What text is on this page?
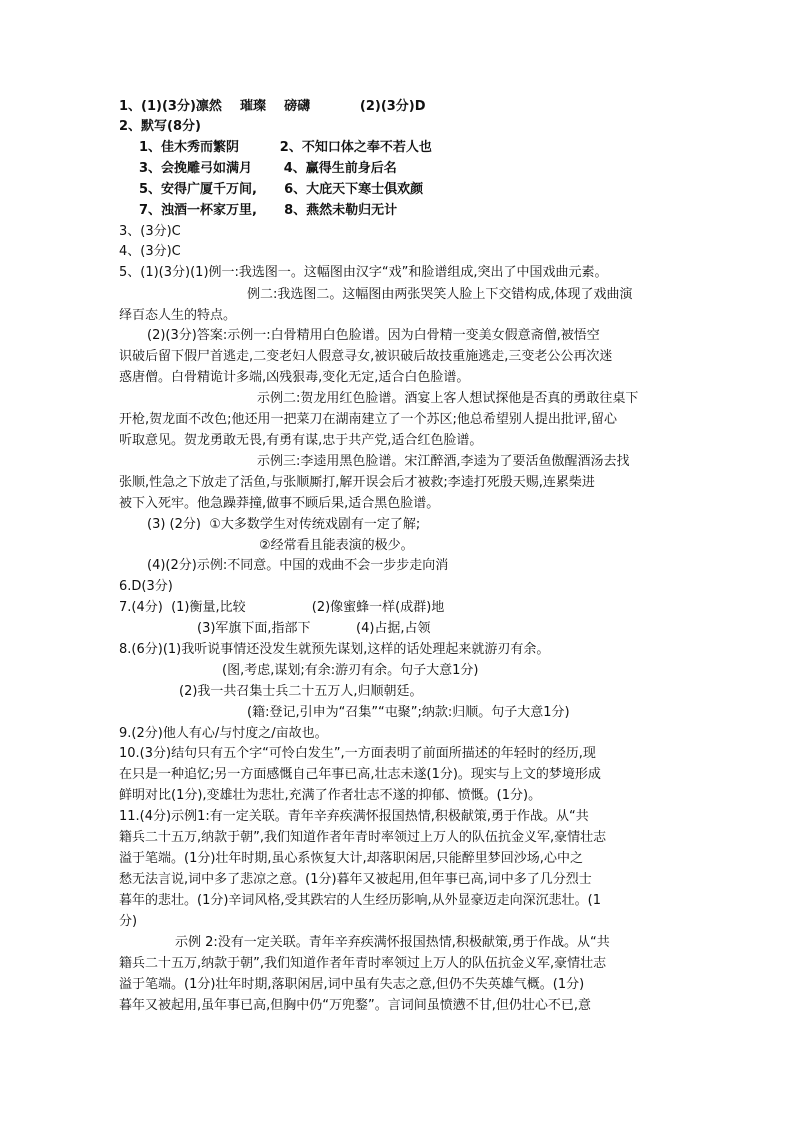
1、(1)(3分)凛然    璀璨    磅礴           (2)(3分)D
2、默写(8分)
1、佳木秀而繁阴         2、不知口体之奉不若人也
3、会挽雕弓如满月       4、赢得生前身后名
5、安得广厦千万间,      6、大庇天下寒士俱欢颜
7、浊酒一杯家万里,      8、燕然未勒归无计
3、(3分)C
4、(3分)C
5、(1)(3分)(1)例一:我选图一。这幅图由汉字“戏”和脸谱组成,突出了中国戏曲元素。
例二:我选图二。这幅图由两张哭笑人脸上下交错构成,体现了戏曲演
绎百态人生的特点。
(2)(3分)答案:示例一:白骨精用白色脸谱。因为白骨精一变美女假意斋僧,被悟空
识破后留下假尸首逃走,二变老妇人假意寻女,被识破后故技重施逃走,三变老公公再次迷
惑唐僧。白骨精诡计多端,凶残狠毒,变化无定,适合白色脸谱。
示例二:贺龙用红色脸谱。酒宴上客人想试探他是否真的勇敢往桌下
开枪,贺龙面不改色;他还用一把菜刀在湖南建立了一个苏区;他总希望别人提出批评,留心
听取意见。贺龙勇敢无畏,有勇有谋,忠于共产党,适合红色脸谱。
示例三:李逵用黑色脸谱。宋江醉酒,李逵为了要活鱼傲醒酒汤去找
张顺,性急之下放走了活鱼,与张顺厮打,解开误会后才被救;李逵打死殷天赐,连累柴进
被下入死牢。他急躁莽撞,做事不顾后果,适合黑色脸谱。
(3) (2分)  ①大多数学生对传统戏剧有一定了解;
②经常看且能表演的极少。
(4)(2分)示例:不同意。中国的戏曲不会一步步走向消
6.D(3分)
7.(4分)  (1)衡量,比较                (2)像蜜蜂一样(成群)地
(3)军旗下面,指部下           (4)占据,占领
8.(6分)(1)我听说事情还没发生就预先谋划,这样的话处理起来就游刃有余。
(图,考虑,谋划;有余:游刃有余。句子大意1分)
(2)我一共召集士兵二十五万人,归顺朝廷。
(籍:登记,引申为“召集”“屯聚”;纳款:归顺。句子大意1分)
9.(2分)他人有心/与忖度之/亩故也。
10.(3分)结句只有五个字“可怜白发生”,一方面表明了前面所描述的年轻时的经历,现
在只是一种追忆;另一方面感慨自己年事已高,壮志未遂(1分)。现实与上文的梦境形成
鲜明对比(1分),变雄壮为悲壮,充满了作者壮志不遂的抑郁、愤慨。(1分)。
11.(4分)示例1:有一定关联。青年辛弃疾满怀报国热情,积极献策,勇于作战。从“共
籍兵二十五万,纳款于朝”,我们知道作者年青时率领过上万人的队伍抗金义军,豪情壮志
溢于笔端。(1分)壮年时期,虽心系恢复大计,却落职闲居,只能醉里梦回沙场,心中之
愁无法言说,词中多了悲凉之意。(1分)暮年又被起用,但年事已高,词中多了几分烈士
暮年的悲壮。(1分)辛词风格,受其跌宕的人生经历影响,从外显豪迈走向深沉悲壮。(1
分)
示例 2:没有一定关联。青年辛弃疾满怀报国热情,积极献策,勇于作战。从“共
籍兵二十五万,纳款于朝”,我们知道作者年青时率领过上万人的队伍抗金义军,豪情壮志
溢于笔端。(1分)壮年时期,落职闲居,词中虽有失志之意,但仍不失英雄气概。(1分)
暮年又被起用,虽年事已高,但胸中仍“万兜鍪”。言词间虽愤懑不甘,但仍壮心不已,意
